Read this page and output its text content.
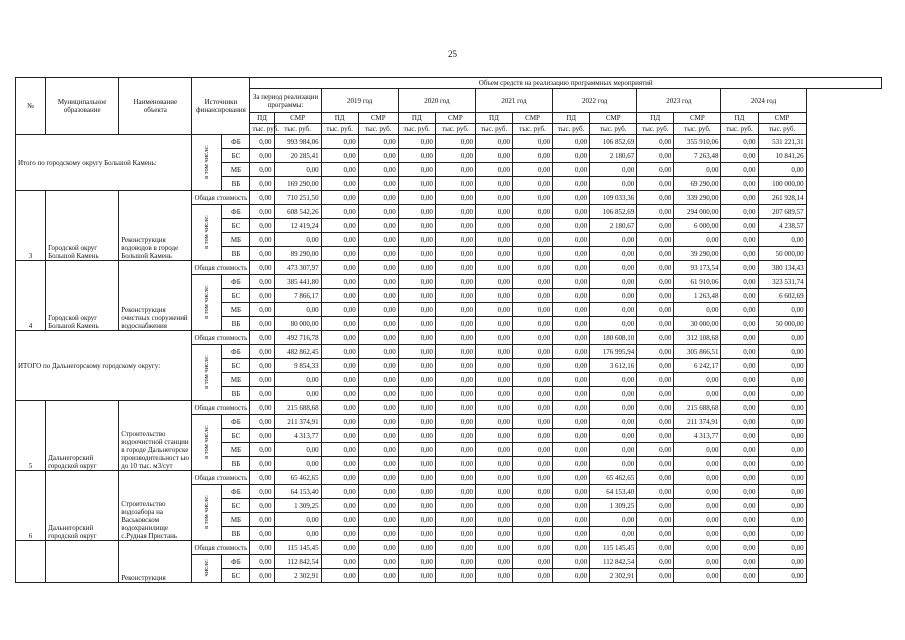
25
№	Муниципальное образование	Наименование объекта	Источники финансирования		Объем средств на реализацию программных мероприятий													
					За период реализации программы:		2019 год		2020 год		2021 год		2022 год		2023 год		2024 год	
					ПД	СМР	ПД	СМР	ПД	СМР	ПД	СМР	ПД	СМР	ПД	СМР	ПД	СМР
					тыс. руб.	тыс. руб.	тыс. руб.	тыс. руб.	тыс. руб.	тыс. руб.	тыс. руб.	тыс. руб.	тыс. руб.	тыс. руб.	тыс. руб.	тыс. руб.	тыс. руб.	тыс. руб.
Итого по городскому округу Большой Камень:			в том числе:	ФБ	0,00	993 984,06	0,00	0,00	0,00	0,00	0,00	0,00	0,00	106 852,69	0,00	355 910,06	0,00	531 221,31
				БС	0,00	20 285,41	0,00	0,00	0,00	0,00	0,00	0,00	0,00	2 180,67	0,00	7 263,48	0,00	10 841,26
				МБ	0,00	0,00	0,00	0,00	0,00	0,00	0,00	0,00	0,00	0,00	0,00	0,00	0,00	0,00
				ВБ	0,00	169 290,00	0,00	0,00	0,00	0,00	0,00	0,00	0,00	0,00	0,00	69 290,00	0,00	100 000,00
3	Городской округ Большой Камень	Реконструкция водоводов в городе Большой Камень	Общая стоимость		0,00	710 251,50	0,00	0,00	0,00	0,00	0,00	0,00	0,00	109 033,36	0,00	339 290,00	0,00	261 928,14
			в том числе:	ФБ	0,00	608 542,26	0,00	0,00	0,00	0,00	0,00	0,00	0,00	106 852,69	0,00	294 000,00	0,00	207 689,57
				БС	0,00	12 419,24	0,00	0,00	0,00	0,00	0,00	0,00	0,00	2 180,67	0,00	6 000,00	0,00	4 238,57
				МБ	0,00	0,00	0,00	0,00	0,00	0,00	0,00	0,00	0,00	0,00	0,00	0,00	0,00	0,00
				ВБ	0,00	89 290,00	0,00	0,00	0,00	0,00	0,00	0,00	0,00	0,00	0,00	39 290,00	0,00	50 000,00
4	Городской округ Большой Камень	Реконструкция очистных сооружений водоснабжения	Общая стоимость		0,00	473 307,97	0,00	0,00	0,00	0,00	0,00	0,00	0,00	0,00	0,00	93 173,54	0,00	380 134,43
			в том числе:	ФБ	0,00	385 441,80	0,00	0,00	0,00	0,00	0,00	0,00	0,00	0,00	0,00	61 910,06	0,00	323 531,74
				БС	0,00	7 866,17	0,00	0,00	0,00	0,00	0,00	0,00	0,00	0,00	0,00	1 263,48	0,00	6 602,69
				МБ	0,00	0,00	0,00	0,00	0,00	0,00	0,00	0,00	0,00	0,00	0,00	0,00	0,00	0,00
				ВБ	0,00	80 000,00	0,00	0,00	0,00	0,00	0,00	0,00	0,00	0,00	0,00	30 000,00	0,00	50 000,00
ИТОГО по Дальнегорскому городскому округу:			Общая стоимость		0,00	492 716,78	0,00	0,00	0,00	0,00	0,00	0,00	0,00	180 608,10	0,00	312 108,68	0,00	0,00
			в том числе:	ФБ	0,00	482 862,45	0,00	0,00	0,00	0,00	0,00	0,00	0,00	176 995,94	0,00	305 866,51	0,00	0,00
				БС	0,00	9 854,33	0,00	0,00	0,00	0,00	0,00	0,00	0,00	3 612,16	0,00	6 242,17	0,00	0,00
				МБ	0,00	0,00	0,00	0,00	0,00	0,00	0,00	0,00	0,00	0,00	0,00	0,00	0,00	0,00
				ВБ	0,00	0,00	0,00	0,00	0,00	0,00	0,00	0,00	0,00	0,00	0,00	0,00	0,00	0,00
5	Дальнегорский городской округ	Строительство водоочистной станции в городе Дальнегорске производительност ью до 10 тыс. м3/сут	Общая стоимость		0,00	215 688,68	0,00	0,00	0,00	0,00	0,00	0,00	0,00	0,00	0,00	215 688,68	0,00	0,00
			в том числе:	ФБ	0,00	211 374,91	0,00	0,00	0,00	0,00	0,00	0,00	0,00	0,00	0,00	211 374,91	0,00	0,00
				БС	0,00	4 313,77	0,00	0,00	0,00	0,00	0,00	0,00	0,00	0,00	0,00	4 313,77	0,00	0,00
				МБ	0,00	0,00	0,00	0,00	0,00	0,00	0,00	0,00	0,00	0,00	0,00	0,00	0,00	0,00
				ВБ	0,00	0,00	0,00	0,00	0,00	0,00	0,00	0,00	0,00	0,00	0,00	0,00	0,00	0,00
6	Дальнегорский городской округ	Строительство водозабора на Васьковском водохранилище с.Рудная Пристань	Общая стоимость		0,00	65 462,65	0,00	0,00	0,00	0,00	0,00	0,00	0,00	65 462,65	0,00	0,00	0,00	0,00
			в том числе:	ФБ	0,00	64 153,40	0,00	0,00	0,00	0,00	0,00	0,00	0,00	64 153,40	0,00	0,00	0,00	0,00
				БС	0,00	1 309,25	0,00	0,00	0,00	0,00	0,00	0,00	0,00	1 309,25	0,00	0,00	0,00	0,00
				МБ	0,00	0,00	0,00	0,00	0,00	0,00	0,00	0,00	0,00	0,00	0,00	0,00	0,00	0,00
				ВБ	0,00	0,00	0,00	0,00	0,00	0,00	0,00	0,00	0,00	0,00	0,00	0,00	0,00	0,00
		Реконструкция	Общая стоимость		0,00	115 145,45	0,00	0,00	0,00	0,00	0,00	0,00	0,00	115 145,45	0,00	0,00	0,00	0,00
			числе:	ФБ	0,00	112 842,54	0,00	0,00	0,00	0,00	0,00	0,00	0,00	112 842,54	0,00	0,00	0,00	0,00
				БС	0,00	2 302,91	0,00	0,00	0,00	0,00	0,00	0,00	0,00	2 302,91	0,00	0,00	0,00	0,00
